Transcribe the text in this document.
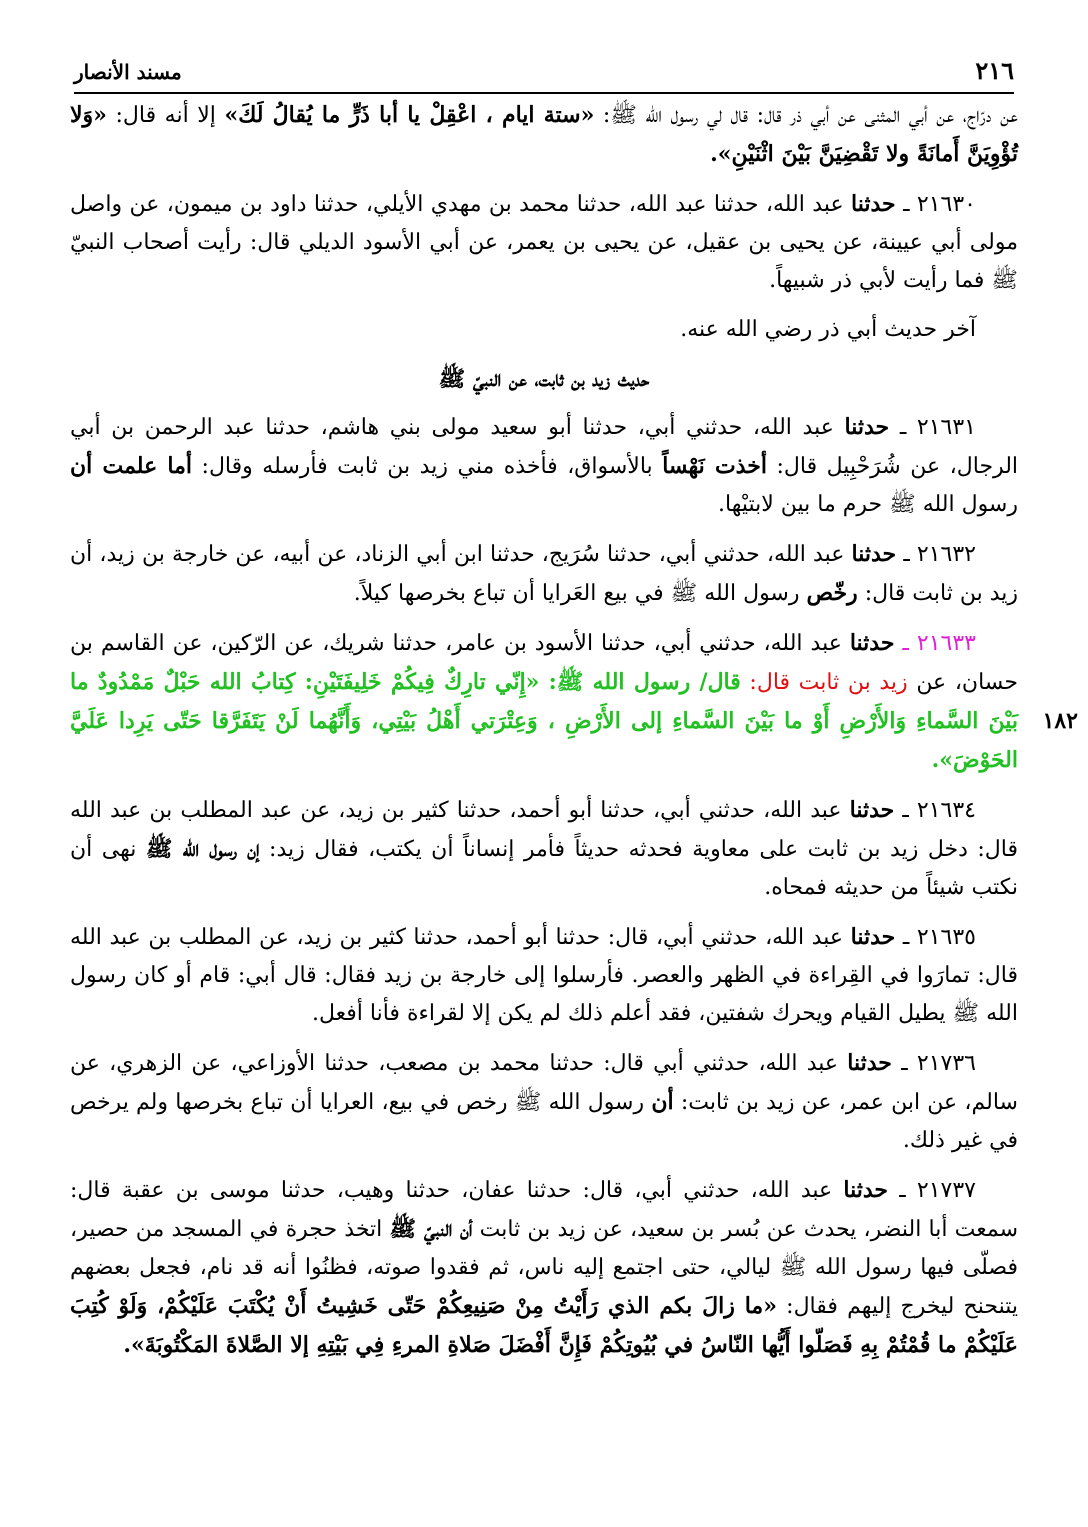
٢١٦
مسند الأنصار
١٨٢

عن درّاج، عن أبي المثنى عن أبي ذر قال: قال لي رسول الله ﷺ: «ستة ايام ، اعْقِلْ يا أبا ذَرٍّ ما يُقالُ لَكَ» إلا أنه قال: «وَلا تُؤْوِيَنَّ أَمانَةً ولا تَقْضِيَنَّ بَيْنَ اثْنَيْنِ».

٢١٦٣٠ ـ حدثنا عبد الله، حدثنا عبد الله، حدثنا محمد بن مهدي الأيلي، حدثنا داود بن ميمون، عن واصل مولى أبي عيينة، عن يحيى بن عقيل، عن يحيى بن يعمر، عن أبي الأسود الديلي قال: رأيت أصحاب النبيّ ﷺ فما رأيت لأبي ذر شبيهاً.

آخر حديث أبي ذر رضي الله عنه.

حديث زيد بن ثابت، عن النبيّ ﷺ

٢١٦٣١ ـ حدثنا عبد الله، حدثني أبي، حدثنا أبو سعيد مولى بني هاشم، حدثنا عبد الرحمن بن أبي الرجال، عن شُرَحْبِيل قال: أخذت نَهْساً بالأسواق، فأخذه مني زيد بن ثابت فأرسله وقال: أما علمت أن رسول الله ﷺ حرم ما بين لابتيْها.

٢١٦٣٢ ـ حدثنا عبد الله، حدثني أبي، حدثنا سُرَيج، حدثنا ابن أبي الزناد، عن أبيه، عن خارجة بن زيد، أن زيد بن ثابت قال: رخّص رسول الله ﷺ في بيع العَرايا أن تباع بخرصها كيلاً.

٢١٦٣٣ ـ حدثنا عبد الله، حدثني أبي، حدثنا الأسود بن عامر، حدثنا شريك، عن الرّكين، عن القاسم بن حسان، عن زيد بن ثابت قال: قال/ رسول الله ﷺ: «إِنّي تارِكٌ فِيكُمْ خَلِيفَتَيْنِ: كِتابُ الله حَبْلٌ مَمْدُودٌ ما بَيْنَ السَّماءِ وَالأَرْضِ أَوْ ما بَيْنَ السَّماءِ إلى الأَرْضِ ، وَعِتْرَتي أَهْلُ بَيْتِي، وَأَنَّهُما لَنْ يَتَفَرَّقا حَتّى يَرِدا عَلَيَّ الحَوْضَ».

٢١٦٣٤ ـ حدثنا عبد الله، حدثني أبي، حدثنا أبو أحمد، حدثنا كثير بن زيد، عن عبد المطلب بن عبد الله قال: دخل زيد بن ثابت على معاوية فحدثه حديثاً فأمر إنساناً أن يكتب، فقال زيد: إن رسول الله ﷺ نهى أن نكتب شيئاً من حديثه فمحاه.

٢١٦٣٥ ـ حدثنا عبد الله، حدثني أبي، قال: حدثنا أبو أحمد، حدثنا كثير بن زيد، عن المطلب بن عبد الله قال: تمارَوا في القِراءة في الظهر والعصر. فأرسلوا إلى خارجة بن زيد فقال: قال أبي: قام أو كان رسول الله ﷺ يطيل القيام ويحرك شفتين، فقد أعلم ذلك لم يكن إلا لقراءة فأنا أفعل.

٢١٧٣٦ ـ حدثنا عبد الله، حدثني أبي قال: حدثنا محمد بن مصعب، حدثنا الأوزاعي، عن الزهري، عن سالم، عن ابن عمر، عن زيد بن ثابت: أن رسول الله ﷺ رخص في بيع، العرايا أن تباع بخرصها ولم يرخص في غير ذلك.

٢١٧٣٧ ـ حدثنا عبد الله، حدثني أبي، قال: حدثنا عفان، حدثنا وهيب، حدثنا موسى بن عقبة قال: سمعت أبا النضر، يحدث عن بُسر بن سعيد، عن زيد بن ثابت أن النبيّ ﷺ اتخذ حجرة في المسجد من حصير، فصلّى فيها رسول الله ﷺ ليالي، حتى اجتمع إليه ناس، ثم فقدوا صوته، فظنُوا أنه قد نام، فجعل بعضهم يتنحنح ليخرج إليهم فقال: «ما زالَ بكم الذي رَأَيْتُ مِنْ صَنِيعِكُمْ حَتّى خَشِيتُ أَنْ يُكْتَبَ عَلَيْكُمْ، وَلَوْ كُتِبَ عَلَيْكُمْ ما قُمْتُمْ بِهِ فَصَلّوا أَيُّها النّاسُ في بُيُوتِكُمْ فَإِنَّ أَفْضَلَ صَلاةِ المرءِ فِي بَيْتِهِ إلا الصَّلاةَ المَكْتُوبَةَ».
